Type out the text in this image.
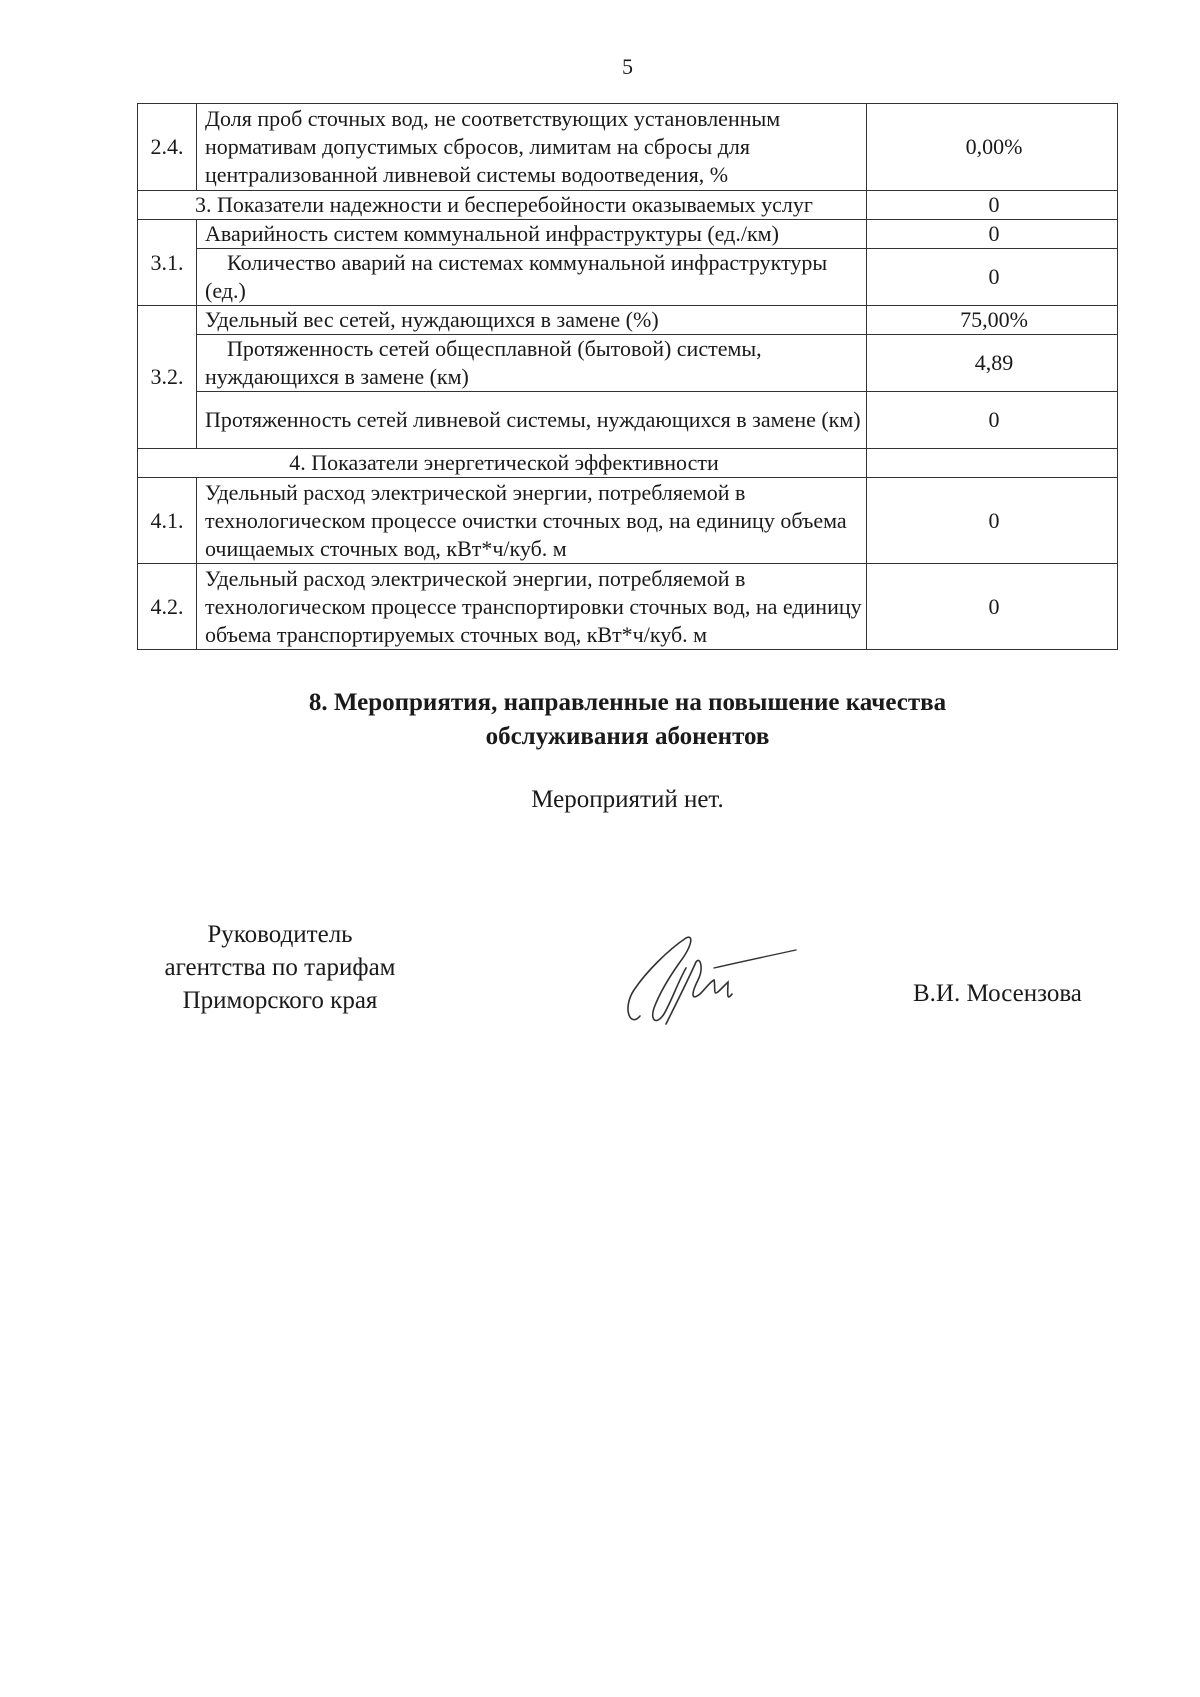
5
2.4.	Доля проб сточных вод, не соответствующих установленным нормативам допустимых сбросов, лимитам на сбросы для централизованной ливневой системы водоотведения, %	0,00%
3. Показатели надежности и бесперебойности оказываемых услуг		0
3.1.	Аварийность систем коммунальной инфраструктуры (ед./км)	0
	Количество аварий на системах коммунальной инфраструктуры (ед.)	0
3.2.	Удельный вес сетей, нуждающихся в замене (%)	75,00%
	Протяженность сетей общесплавной (бытовой) системы, нуждающихся в замене (км)	4,89
	Протяженность сетей ливневой системы, нуждающихся в замене (км)	0
4. Показатели энергетической эффективности		
4.1.	Удельный расход электрической энергии, потребляемой в технологическом процессе очистки сточных вод, на единицу объема очищаемых сточных вод, кВт*ч/куб. м	0
4.2.	Удельный расход электрической энергии, потребляемой в технологическом процессе транспортировки сточных вод, на единицу объема транспортируемых сточных вод, кВт*ч/куб. м	0
8. Мероприятия, направленные на повышение качества
обслуживания абонентов
Мероприятий нет.
Руководитель
агентства по тарифам
Приморского края	В.И. Мосензова
